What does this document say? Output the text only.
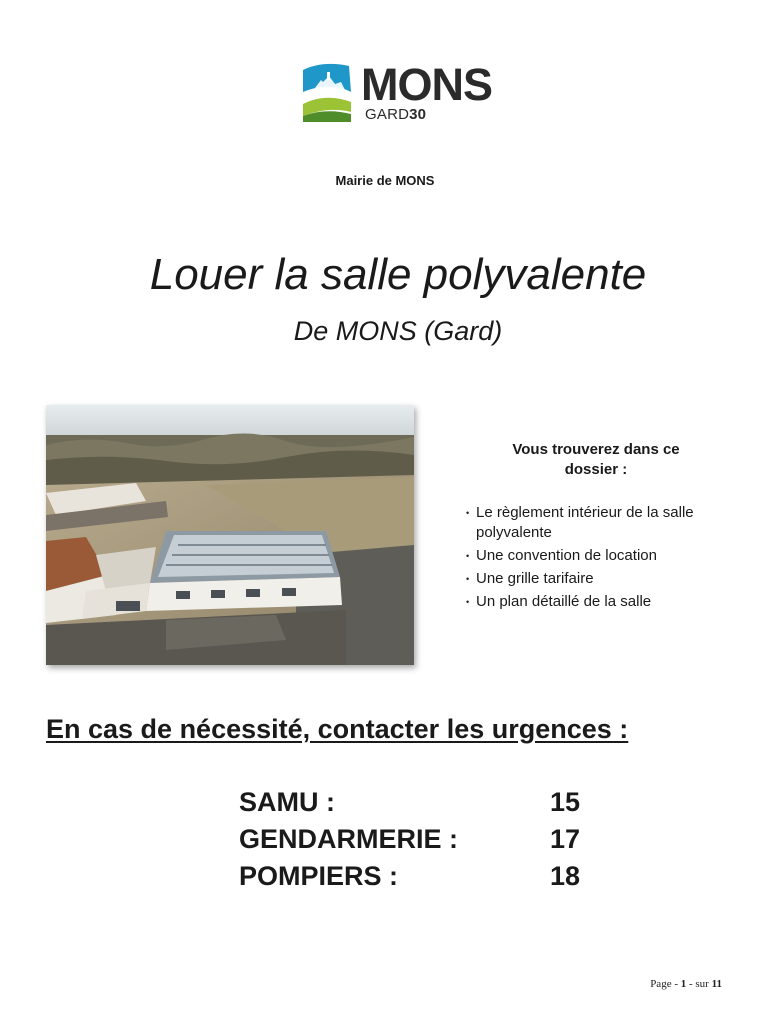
MONS
GARD30
Mairie de MONS
Louer la salle polyvalente
De MONS (Gard)
Vous trouverez dans ce dossier :
• Le règlement intérieur de la salle polyvalente
• Une convention de location
• Une grille tarifaire
• Un plan détaillé de la salle
En cas de nécessité, contacter les urgences :
SAMU :	15
GENDARMERIE :	17
POMPIERS :	18
Page - 1 - sur 11
